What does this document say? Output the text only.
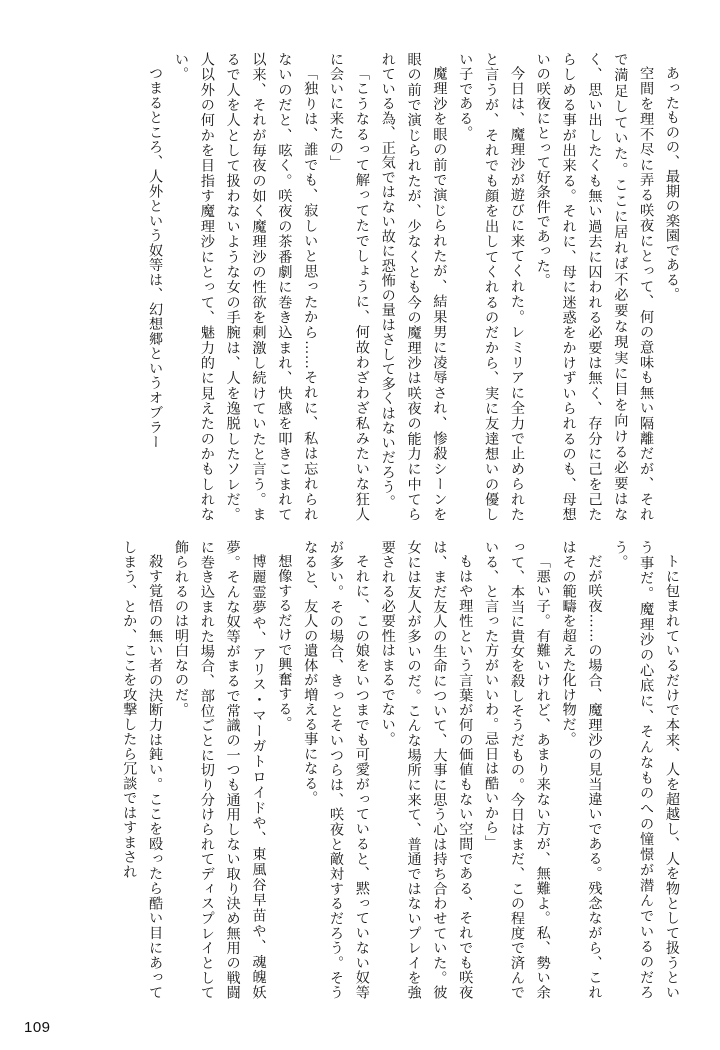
あったものの、最期の楽園である。
空間を理不尽に弄る咲夜にとって、何の意味も無い隔離だが、それで満足していた。ここに居れば不必要な現実に目を向ける必要はなく、思い出したくも無い過去に囚われる必要は無く、存分に己を己たらしめる事が出来る。それに、母に迷惑をかけずいられるのも、母想いの咲夜にとって好条件であった。
今日は、魔理沙が遊びに来てくれた。レミリアに全力で止められたと言うが、それでも顔を出してくれるのだから、実に友達想いの優しい子である。
魔理沙を眼の前で演じられたが、結果男に凌辱され、惨殺シーンを眼の前で演じられたが、少なくとも今の魔理沙は咲夜の能力に中てられている為、正気ではない故に恐怖の量はさして多くはないだろう。
「こうなるって解ってたでしょうに、何故わざわざ私みたいな狂人に会いに来たの」
「独りは、誰でも、寂しいと思ったから……それに、私は忘れられないのだと、呟く。咲夜の茶番劇に巻き込まれ、快感を叩きこまれて以来、それが毎夜の如く魔理沙の性欲を刺激し続けていたと言う。まるで人を人として扱わないような女の手腕は、人を逸脱したソレだ。人以外の何かを目指す魔理沙にとって、魅力的に見えたのかもしれない。
つまるところ、人外という奴等は、幻想郷というオブラー
トに包まれているだけで本来、人を超越し、人を物として扱うという事だ。魔理沙の心底に、そんなものへの憧憬が潜んでいるのだろう。
だが咲夜……の場合、魔理沙の見当違いである。残念ながら、これはその範疇を超えた化け物だ。
「悪い子。有難いけれど、あまり来ない方が、無難よ。私、勢い余って、本当に貴女を殺しそうだもの。今日はまだ、この程度で済んでいる、と言った方がいいわ。忌日は酷いから」
もはや理性という言葉が何の価値もない空間である、それでも咲夜は、まだ友人の生命について、大事に思う心は持ち合わせていた。彼女には友人が多いのだ。こんな場所に来て、普通ではないプレイを強要される必要性はまるでない。
それに、この娘をいつまでも可愛がっていると、黙っていない奴等が多い。その場合、きっとそいつらは、咲夜と敵対するだろう。そうなると、友人の遺体が増える事になる。
想像するだけで興奮する。
博麗霊夢や、アリス・マーガトロイドや、東風谷早苗や、魂魄妖夢。そんな奴等がまるで常識の一つも通用しない取り決め無用の戦闘に巻き込まれた場合、部位ごとに切り分けられてディスプレイとして飾られるのは明白なのだ。
殺す覚悟の無い者の決断力は鈍い。ここを殴ったら酷い目にあってしまう、とか、ここを攻撃したら冗談ではすまされ
109
